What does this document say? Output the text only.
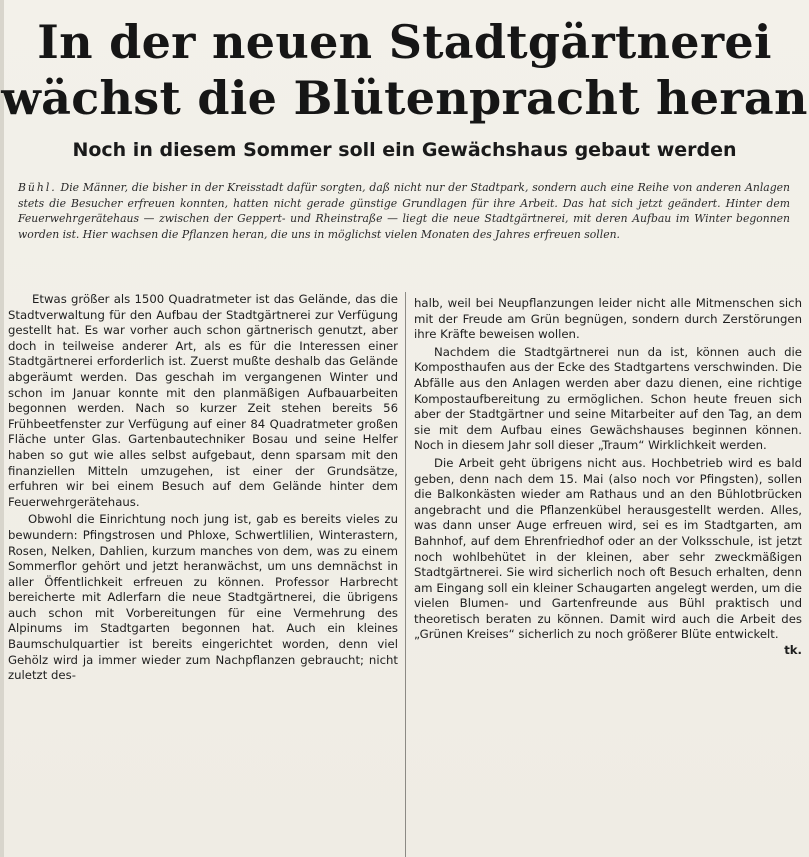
In der neuen Stadtgärtnerei
wächst die Blütenpracht heran
Noch in diesem Sommer soll ein Gewächshaus gebaut werden

Bühl. Die Männer, die bisher in der Kreisstadt dafür sorgten, daß nicht nur der Stadtpark, sondern auch eine Reihe von anderen Anlagen stets die Besucher erfreuen konnten, hatten nicht gerade günstige Grundlagen für ihre Arbeit. Das hat sich jetzt geändert. Hinter dem Feuerwehrgerätehaus — zwischen der Geppert- und Rheinstraße — liegt die neue Stadtgärtnerei, mit deren Aufbau im Winter begonnen worden ist. Hier wachsen die Pflanzen heran, die uns in möglichst vielen Monaten des Jahres erfreuen sollen.

Etwas größer als 1500 Quadratmeter ist das Gelände, das die Stadtverwaltung für den Aufbau der Stadtgärtnerei zur Verfügung gestellt hat. Es war vorher auch schon gärtnerisch genutzt, aber doch in teilweise anderer Art, als es für die Interessen einer Stadtgärtnerei erforderlich ist. Zuerst mußte deshalb das Gelände abgeräumt werden. Das geschah im vergangenen Winter und schon im Januar konnte mit den planmäßigen Aufbauarbeiten begonnen werden. Nach so kurzer Zeit stehen bereits 56 Frühbeetfenster zur Verfügung auf einer 84 Quadratmeter großen Fläche unter Glas. Gartenbautechniker Bosau und seine Helfer haben so gut wie alles selbst aufgebaut, denn sparsam mit den finanziellen Mitteln umzugehen, ist einer der Grundsätze, erfuhren wir bei einem Besuch auf dem Gelände hinter dem Feuerwehrgerätehaus.

Obwohl die Einrichtung noch jung ist, gab es bereits vieles zu bewundern: Pfingstrosen und Phloxe, Schwertlilien, Winterastern, Rosen, Nelken, Dahlien, kurzum manches von dem, was zu einem Sommerflor gehört und jetzt heranwächst, um uns demnächst in aller Öffentlichkeit erfreuen zu können. Professor Harbrecht bereicherte mit Adlerfarn die neue Stadtgärtnerei, die übrigens auch schon mit Vorbereitungen für eine Vermehrung des Alpinums im Stadtgarten begonnen hat. Auch ein kleines Baumschulquartier ist bereits eingerichtet worden, denn viel Gehölz wird ja immer wieder zum Nachpflanzen gebraucht; nicht zuletzt des-

halb, weil bei Neupflanzungen leider nicht alle Mitmenschen sich mit der Freude am Grün begnügen, sondern durch Zerstörungen ihre Kräfte beweisen wollen.

Nachdem die Stadtgärtnerei nun da ist, können auch die Komposthaufen aus der Ecke des Stadtgartens verschwinden. Die Abfälle aus den Anlagen werden aber dazu dienen, eine richtige Kompostaufbereitung zu ermöglichen. Schon heute freuen sich aber der Stadtgärtner und seine Mitarbeiter auf den Tag, an dem sie mit dem Aufbau eines Gewächshauses beginnen können. Noch in diesem Jahr soll dieser „Traum“ Wirklichkeit werden.

Die Arbeit geht übrigens nicht aus. Hochbetrieb wird es bald geben, denn nach dem 15. Mai (also noch vor Pfingsten), sollen die Balkonkästen wieder am Rathaus und an den Bühlotbrücken angebracht und die Pflanzenkübel herausgestellt werden. Alles, was dann unser Auge erfreuen wird, sei es im Stadtgarten, am Bahnhof, auf dem Ehrenfriedhof oder an der Volksschule, ist jetzt noch wohlbehütet in der kleinen, aber sehr zweckmäßigen Stadtgärtnerei. Sie wird sicherlich noch oft Besuch erhalten, denn am Eingang soll ein kleiner Schaugarten angelegt werden, um die vielen Blumen- und Gartenfreunde aus Bühl praktisch und theoretisch beraten zu können. Damit wird auch die Arbeit des „Grünen Kreises“ sicherlich zu noch größerer Blüte entwickelt.
tk.
